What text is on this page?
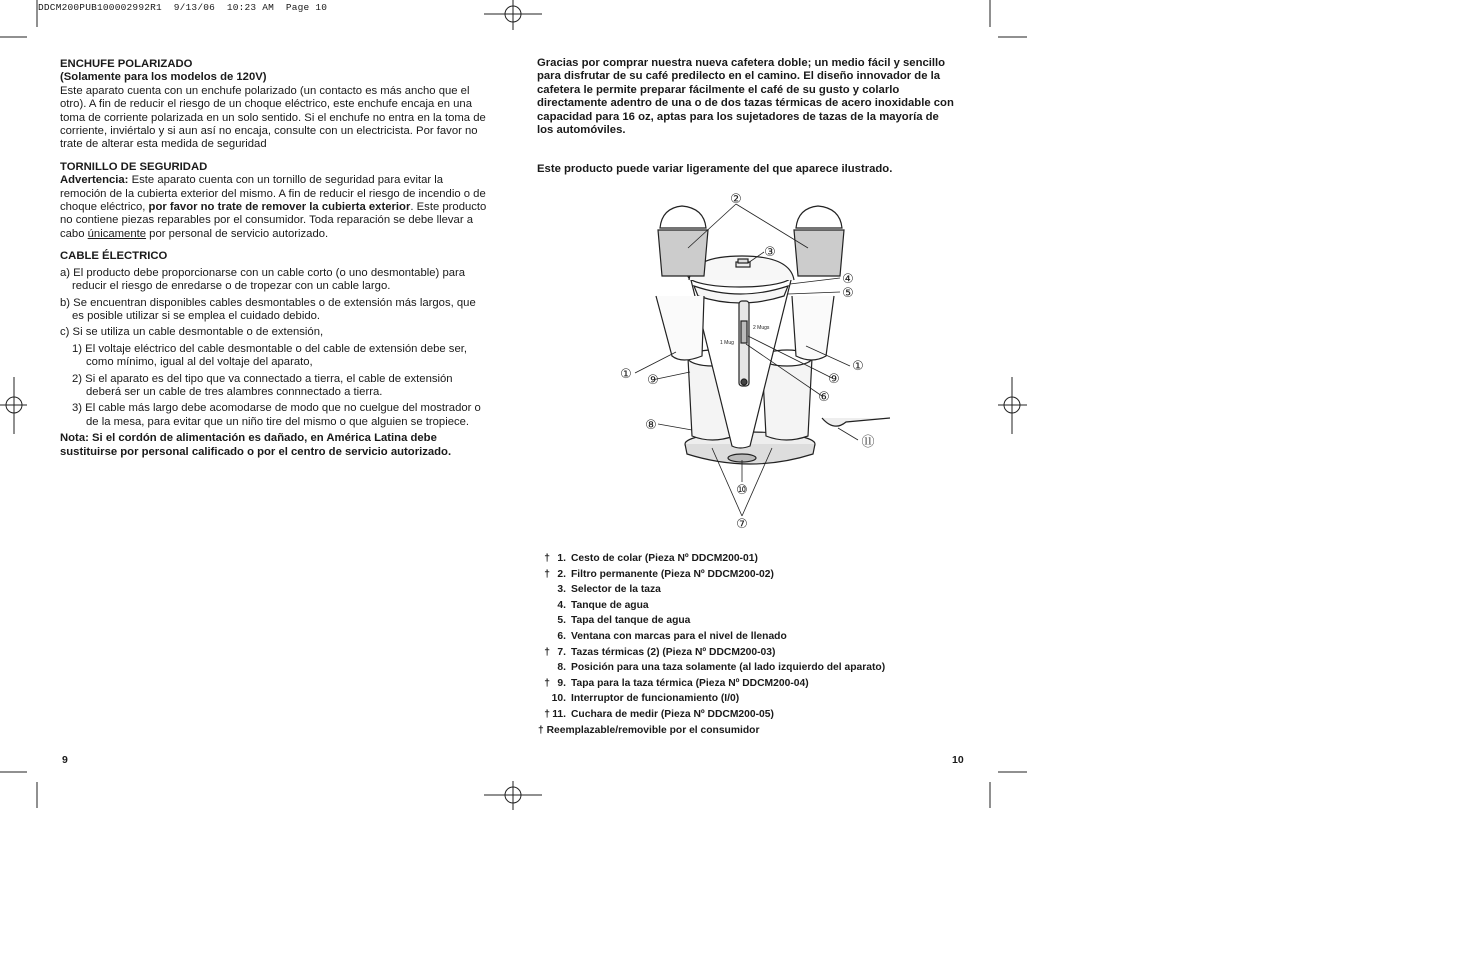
DDCM200PUB100002992R1  9/13/06  10:23 AM  Page 10
ENCHUFE POLARIZADO
(Solamente para los modelos de 120V)

Este aparato cuenta con un enchufe polarizado (un contacto es más ancho que el otro). A fin de reducir el riesgo de un choque eléctrico, este enchufe encaja en una toma de corriente polarizada en un solo sentido. Si el enchufe no entra en la toma de corriente, inviértalo y si aun así no encaja, consulte con un electricista. Por favor no trate de alterar esta medida de seguridad

TORNILLO DE SEGURIDAD

Advertencia: Este aparato cuenta con un tornillo de seguridad para evitar la remoción de la cubierta exterior del mismo. A fin de reducir el riesgo de incendio o de choque eléctrico, por favor no trate de remover la cubierta exterior. Este producto no contiene piezas reparables por el consumidor. Toda reparación se debe llevar a cabo únicamente por personal de servicio autorizado.

CABLE ÉLECTRICO

a) El producto debe proporcionarse con un cable corto (o uno desmontable) para reducir el riesgo de enredarse o de tropezar con un cable largo.

b) Se encuentran disponibles cables desmontables o de extensión más largos, que es posible utilizar si se emplea el cuidado debido.

c) Si se utiliza un cable desmontable o de extensión,

1) El voltaje eléctrico del cable desmontable o del cable de extensión debe ser, como mínimo, igual al del voltaje del aparato,

2) Si el aparato es del tipo que va connectado a tierra, el cable de extensión deberá ser un cable de tres alambres connnectado a tierra.

3) El cable más largo debe acomodarse de modo que no cuelgue del mostrador o de la mesa, para evitar que un niño tire del mismo o que alguien se tropiece.

Nota: Si el cordón de alimentación es dañado, en América Latina debe sustituirse por personal calificado o por el centro de servicio autorizado.

Gracias por comprar nuestra nueva cafetera doble; un medio fácil y sencillo para disfrutar de su café predilecto en el camino. El diseño innovador de la cafetera le permite preparar fácilmente el café de su gusto y colarlo directamente adentro de una o de dos tazas térmicas de acero inoxidable con capacidad para 16 oz, aptas para los sujetadores de tazas de la mayoría de los automóviles.

Este producto puede variar ligeramente del que aparece ilustrado.

2 Mugs
1 Mug
②
③
④
⑤
①
①
⑨	⑨
⑥
⑧
⑪
⑩
⑦
† 1. Cesto de colar (Pieza Nº DDCM200-01)
† 2. Filtro permanente (Pieza Nº DDCM200-02)
3. Selector de la taza
4. Tanque de agua
5. Tapa del tanque de agua
6. Ventana con marcas para el nivel de llenado
† 7. Tazas térmicas (2) (Pieza Nº DDCM200-03)
8. Posición para una taza solamente (al lado izquierdo del aparato)
† 9. Tapa para la taza térmica (Pieza Nº DDCM200-04)
10. Interruptor de funcionamiento (I/0)
† 11. Cuchara de medir (Pieza Nº DDCM200-05)
† Reemplazable/removible por el consumidor
9	10
